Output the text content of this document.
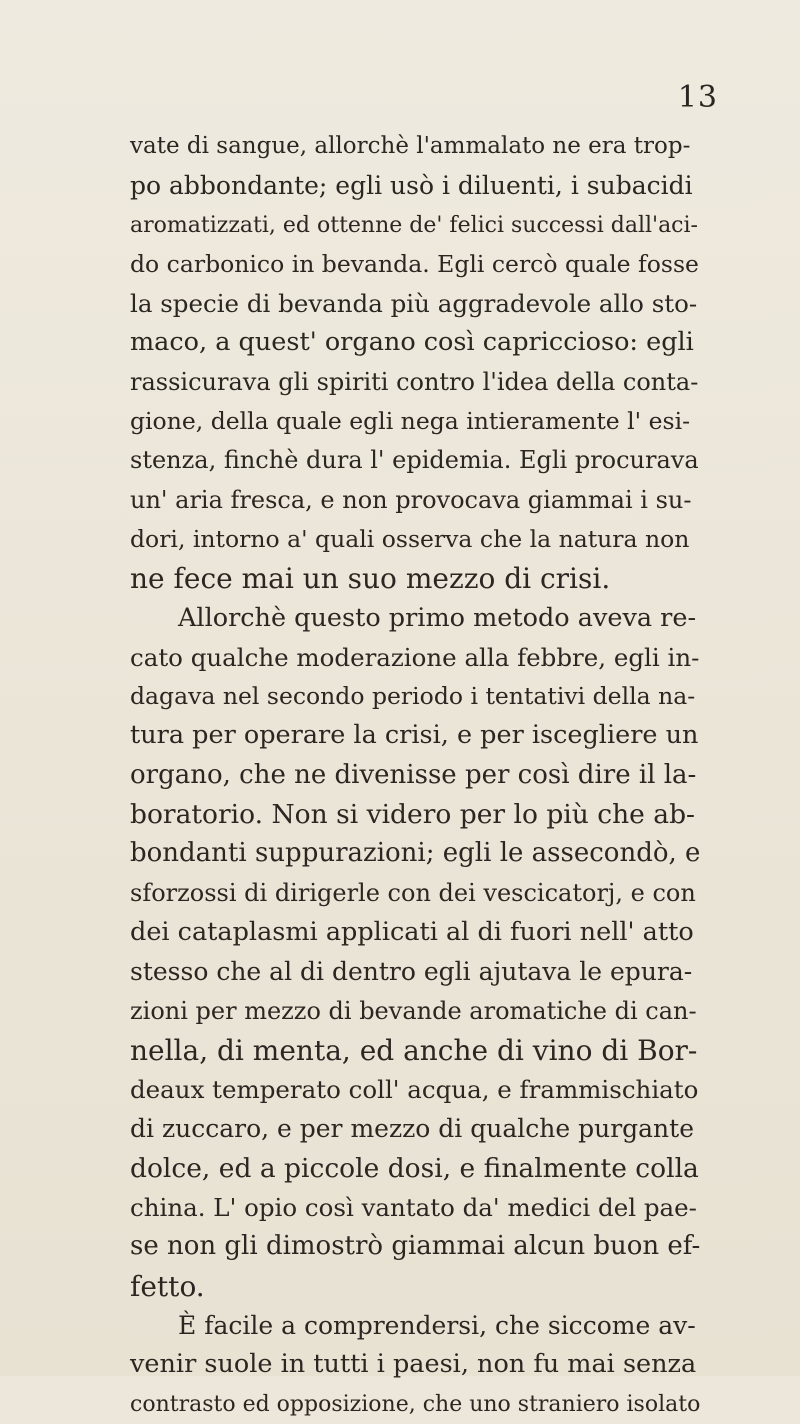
13
vate di sangue, allorchè l'ammalato ne era trop-
po abbondante; egli usò i diluenti, i subacidi
aromatizzati, ed ottenne de' felici successi dall'aci-
do carbonico in bevanda. Egli cercò quale fosse
la specie di bevanda più aggradevole allo sto-
maco, a quest' organo così capriccioso: egli
rassicurava gli spiriti contro l'idea della conta-
gione, della quale egli nega intieramente l' esi-
stenza, finchè dura l' epidemia. Egli procurava
un' aria fresca, e non provocava giammai i su-
dori, intorno a' quali osserva che la natura non
ne fece mai un suo mezzo di crisi.
Allorchè questo primo metodo aveva re-
cato qualche moderazione alla febbre, egli in-
dagava nel secondo periodo i tentativi della na-
tura per operare la crisi, e per iscegliere un
organo, che ne divenisse per così dire il la-
boratorio. Non si videro per lo più che ab-
bondanti suppurazioni; egli le assecondò, e
sforzossi di dirigerle con dei vescicatorj, e con
dei cataplasmi applicati al di fuori nell' atto
stesso che al di dentro egli ajutava le epura-
zioni per mezzo di bevande aromatiche di can-
nella, di menta, ed anche di vino di Bor-
deaux temperato coll' acqua, e frammischiato
di zuccaro, e per mezzo di qualche purgante
dolce, ed a piccole dosi, e finalmente colla
china. L' opio così vantato da' medici del pae-
se non gli dimostrò giammai alcun buon ef-
fetto.
È facile a comprendersi, che siccome av-
venir suole in tutti i paesi, non fu mai senza
contrasto ed opposizione, che uno straniero isolato
